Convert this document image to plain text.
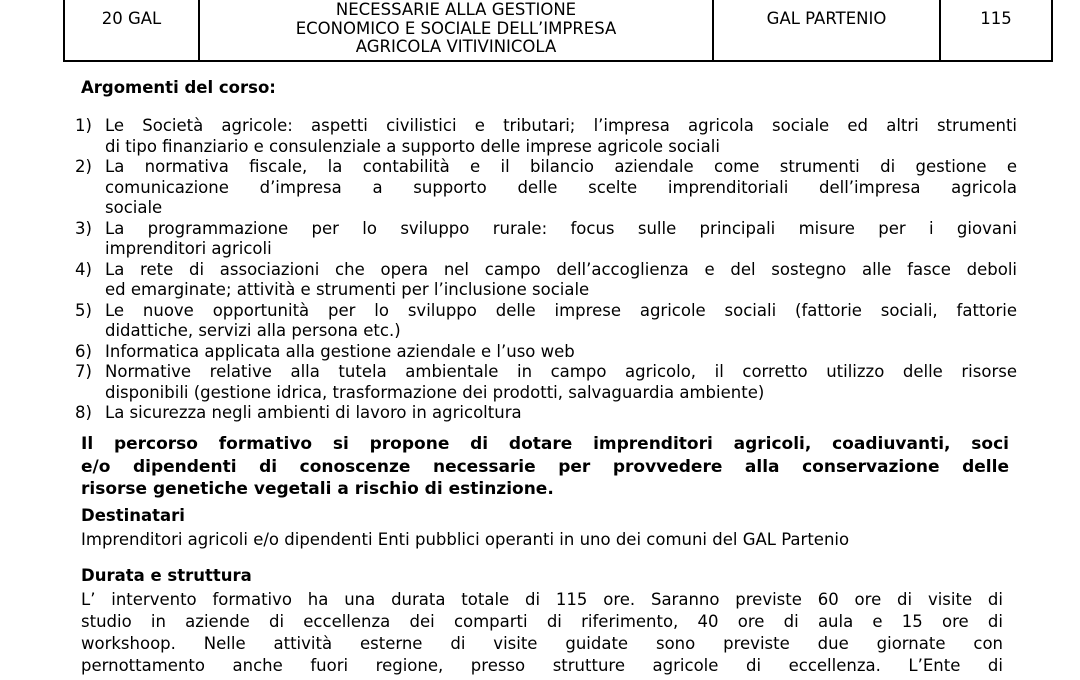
20 GAL	NECESSARIE ALLA GESTIONE
ECONOMICO E SOCIALE DELL’IMPRESA
AGRICOLA VITIVINICOLA
GAL PARTENIO	115
Argomenti del corso:
1) Le Società agricole: aspetti civilistici e tributari; l’impresa agricola sociale ed altri strumenti
di tipo finanziario e consulenziale a supporto delle imprese agricole sociali
2) La normativa fiscale, la contabilità e il bilancio aziendale come strumenti di gestione e
comunicazione d’impresa a supporto delle scelte imprenditoriali dell’impresa agricola
sociale
3) La programmazione per lo sviluppo rurale: focus sulle principali misure per i giovani
imprenditori agricoli
4) La rete di associazioni che opera nel campo dell’accoglienza e del sostegno alle fasce deboli
ed emarginate; attività e strumenti per l’inclusione sociale
5) Le nuove opportunità per lo sviluppo delle imprese agricole sociali (fattorie sociali, fattorie
didattiche, servizi alla persona etc.)
6) Informatica applicata alla gestione aziendale e l’uso web
7) Normative relative alla tutela ambientale in campo agricolo, il corretto utilizzo delle risorse
disponibili (gestione idrica, trasformazione dei prodotti, salvaguardia ambiente)
8) La sicurezza negli ambienti di lavoro in agricoltura
Il percorso formativo si propone di dotare imprenditori agricoli, coadiuvanti, soci
e/o dipendenti di conoscenze necessarie per provvedere alla conservazione delle
risorse genetiche vegetali a rischio di estinzione.
Destinatari
Imprenditori agricoli e/o dipendenti Enti pubblici operanti in uno dei comuni del GAL Partenio
Durata e struttura
L’ intervento formativo ha una durata totale di 115 ore. Saranno previste 60 ore di visite di
studio in aziende di eccellenza dei comparti di riferimento, 40 ore di aula e 15 ore di
workshoop. Nelle attività esterne di visite guidate sono previste due giornate con
pernottamento anche fuori regione, presso strutture agricole di eccellenza. L’Ente di
